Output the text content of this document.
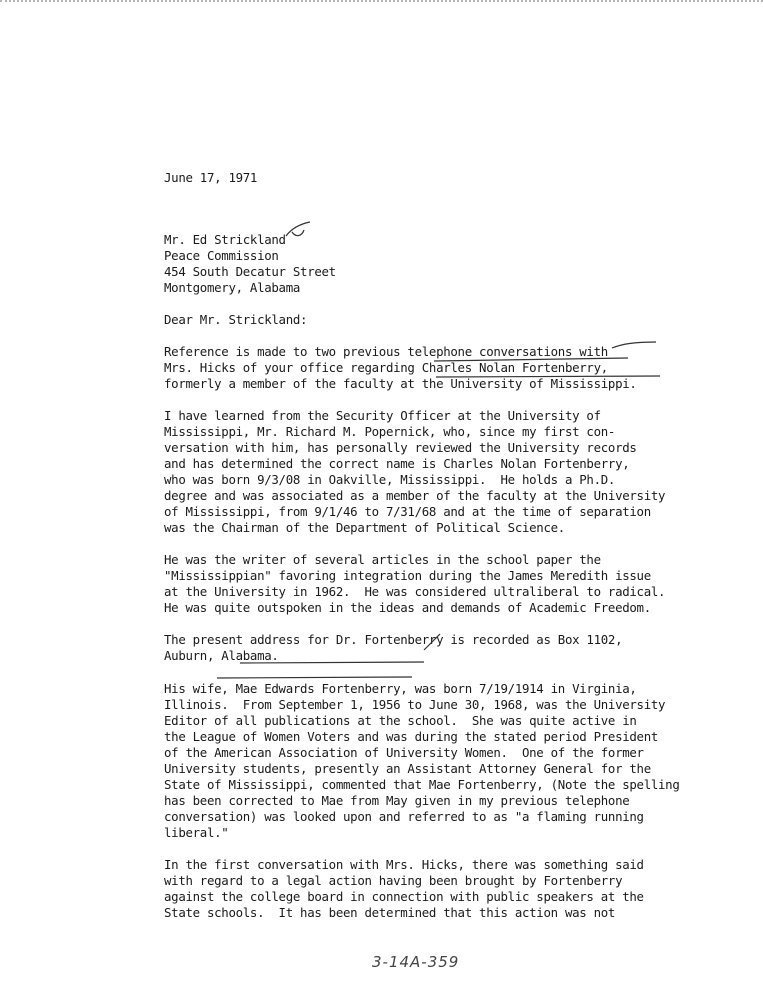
June 17, 1971
Mr. Ed Strickland
Peace Commission
454 South Decatur Street
Montgomery, Alabama
Dear Mr. Strickland:
Reference is made to two previous telephone conversations with
Mrs. Hicks of your office regarding Charles Nolan Fortenberry,
formerly a member of the faculty at the University of Mississippi.
I have learned from the Security Officer at the University of
Mississippi, Mr. Richard M. Popernick, who, since my first con-
versation with him, has personally reviewed the University records
and has determined the correct name is Charles Nolan Fortenberry,
who was born 9/3/08 in Oakville, Mississippi.  He holds a Ph.D.
degree and was associated as a member of the faculty at the University
of Mississippi, from 9/1/46 to 7/31/68 and at the time of separation
was the Chairman of the Department of Political Science.
He was the writer of several articles in the school paper the
"Mississippian" favoring integration during the James Meredith issue
at the University in 1962.  He was considered ultraliberal to radical.
He was quite outspoken in the ideas and demands of Academic Freedom.
The present address for Dr. Fortenberry is recorded as Box 1102,
Auburn, Alabama.
His wife, Mae Edwards Fortenberry, was born 7/19/1914 in Virginia,
Illinois.  From September 1, 1956 to June 30, 1968, was the University
Editor of all publications at the school.  She was quite active in
the League of Women Voters and was during the stated period President
of the American Association of University Women.  One of the former
University students, presently an Assistant Attorney General for the
State of Mississippi, commented that Mae Fortenberry, (Note the spelling
has been corrected to Mae from May given in my previous telephone
conversation) was looked upon and referred to as "a flaming running
liberal."
In the first conversation with Mrs. Hicks, there was something said
with regard to a legal action having been brought by Fortenberry
against the college board in connection with public speakers at the
State schools.  It has been determined that this action was not
3-14A-359
